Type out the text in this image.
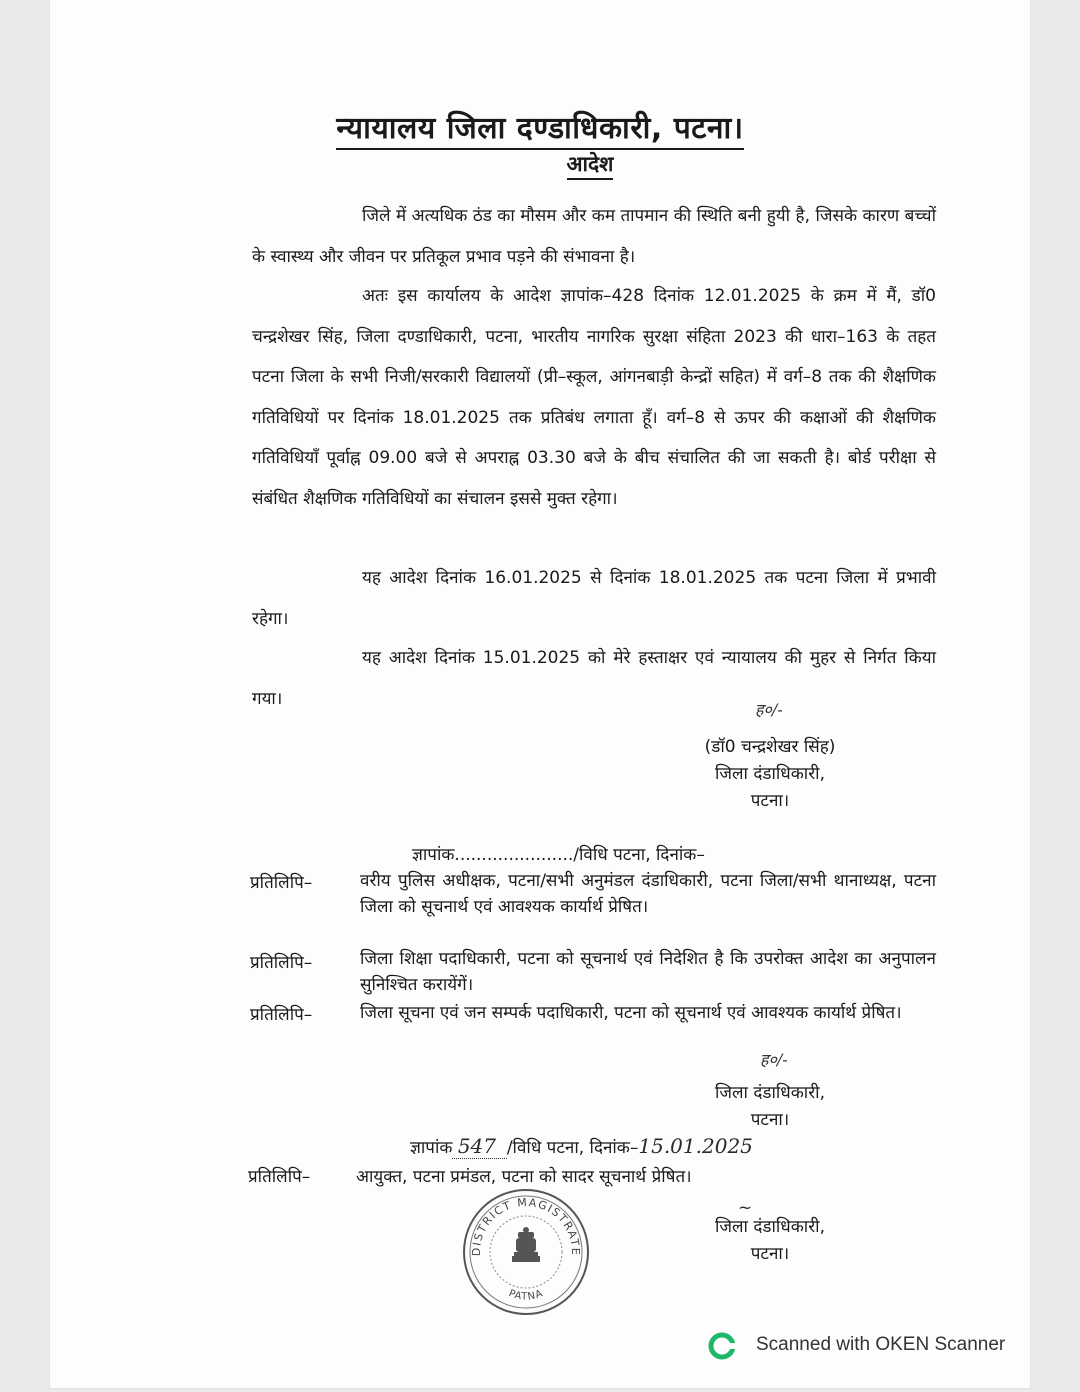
न्यायालय जिला दण्डाधिकारी, पटना।
आदेश

जिले में अत्यधिक ठंड का मौसम और कम तापमान की स्थिति बनी हुयी है, जिसके कारण बच्चों के स्वास्थ्य और जीवन पर प्रतिकूल प्रभाव पड़ने की संभावना है।

अतः इस कार्यालय के आदेश ज्ञापांक–428 दिनांक 12.01.2025 के क्रम में मैं, डॉ0 चन्द्रशेखर सिंह, जिला दण्डाधिकारी, पटना, भारतीय नागरिक सुरक्षा संहिता 2023 की धारा–163 के तहत पटना जिला के सभी निजी/सरकारी विद्यालयों (प्री–स्कूल, आंगनबाड़ी केन्द्रों सहित) में वर्ग–8 तक की शैक्षणिक गतिविधियों पर दिनांक 18.01.2025 तक प्रतिबंध लगाता हूँ। वर्ग–8 से ऊपर की कक्षाओं की शैक्षणिक गतिविधियाँ पूर्वाह्न 09.00 बजे से अपराह्न 03.30 बजे के बीच संचालित की जा सकती है। बोर्ड परीक्षा से संबंधित शैक्षणिक गतिविधियों का संचालन इससे मुक्त रहेगा।

यह आदेश दिनांक 16.01.2025 से दिनांक 18.01.2025 तक पटना जिला में प्रभावी रहेगा।

यह आदेश दिनांक 15.01.2025 को मेरे हस्ताक्षर एवं न्यायालय की मुहर से निर्गत किया गया।

ह०/-
(डॉ0 चन्द्रशेखर सिंह)
जिला दंडाधिकारी,
पटना।
ज्ञापांक....................../विधि पटना, दिनांक–
प्रतिलिपि–	वरीय पुलिस अधीक्षक, पटना/सभी अनुमंडल दंडाधिकारी, पटना जिला/सभी थानाध्यक्ष, पटना जिला को सूचनार्थ एवं आवश्यक कार्यार्थ प्रेषित।

प्रतिलिपि–	जिला शिक्षा पदाधिकारी, पटना को सूचनार्थ एवं निदेशित है कि उपरोक्त आदेश का अनुपालन सुनिश्चित करायेंगें।

प्रतिलिपि–	जिला सूचना एवं जन सम्पर्क पदाधिकारी, पटना को सूचनार्थ एवं आवश्यक कार्यार्थ प्रेषित।

ह०/-
जिला दंडाधिकारी,
पटना।
ज्ञापांक 547 /विधि पटना, दिनांक–15.01.2025
प्रतिलिपि–	आयुक्त, पटना प्रमंडल, पटना को सादर सूचनार्थ प्रेषित।
DISTRICT MAGISTRATE
PATNA
~
जिला दंडाधिकारी,
पटना।
Scanned with OKEN Scanner
